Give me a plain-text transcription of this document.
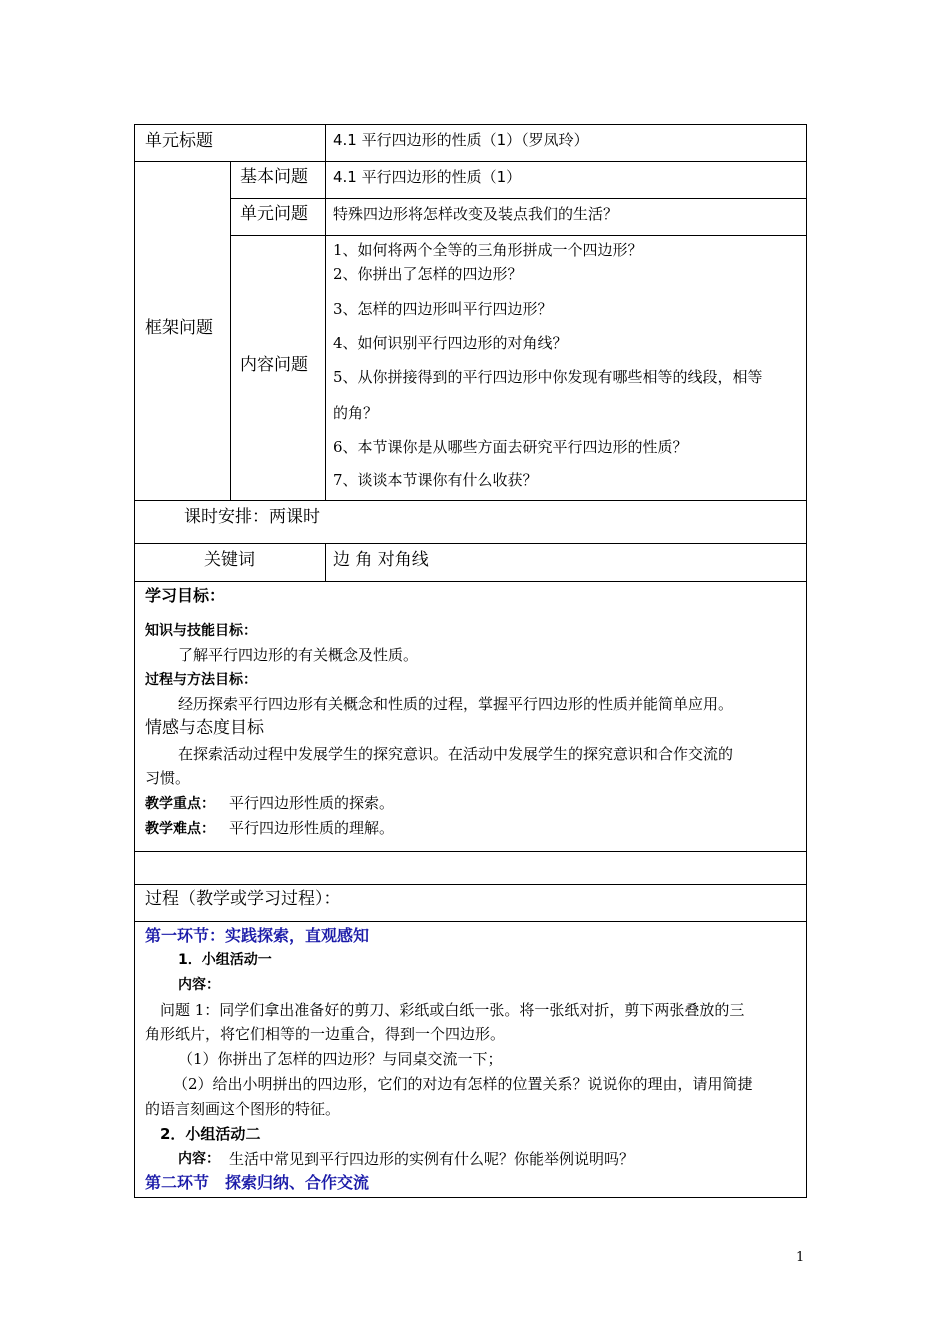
单元标题	4.1 平行四边形的性质（1）（罗凤玲）
框架问题
基本问题 4.1 平行四边形的性质（1）
单元问题 特殊四边形将怎样改变及装点我们的生活？
内容问题
1、如何将两个全等的三角形拼成一个四边形？
2、你拼出了怎样的四边形？
3、怎样的四边形叫平行四边形？
4、如何识别平行四边形的对角线？
5、从你拼接得到的平行四边形中你发现有哪些相等的线段，相等
的角？
6、本节课你是从哪些方面去研究平行四边形的性质？
7、谈谈本节课你有什么收获？
课时安排：两课时
关键词	边 角 对角线
学习目标：
知识与技能目标：
了解平行四边形的有关概念及性质。
过程与方法目标：
经历探索平行四边形有关概念和性质的过程，掌握平行四边形的性质并能简单应用。
情感与态度目标
在探索活动过程中发展学生的探究意识。在活动中发展学生的探究意识和合作交流的
习惯。
教学重点： 平行四边形性质的探索。
教学难点： 平行四边形性质的理解。
过程（教学或学习过程）：
第一环节：实践探索，直观感知
1．小组活动一
内容：
问题 1：同学们拿出准备好的剪刀、彩纸或白纸一张。将一张纸对折，剪下两张叠放的三
角形纸片，将它们相等的一边重合，得到一个四边形。
（1）你拼出了怎样的四边形？与同桌交流一下；
（2）给出小明拼出的四边形，它们的对边有怎样的位置关系？说说你的理由，请用简捷
的语言刻画这个图形的特征。
2．小组活动二
内容： 生活中常见到平行四边形的实例有什么呢？你能举例说明吗？
第二环节　探索归纳、合作交流
1
